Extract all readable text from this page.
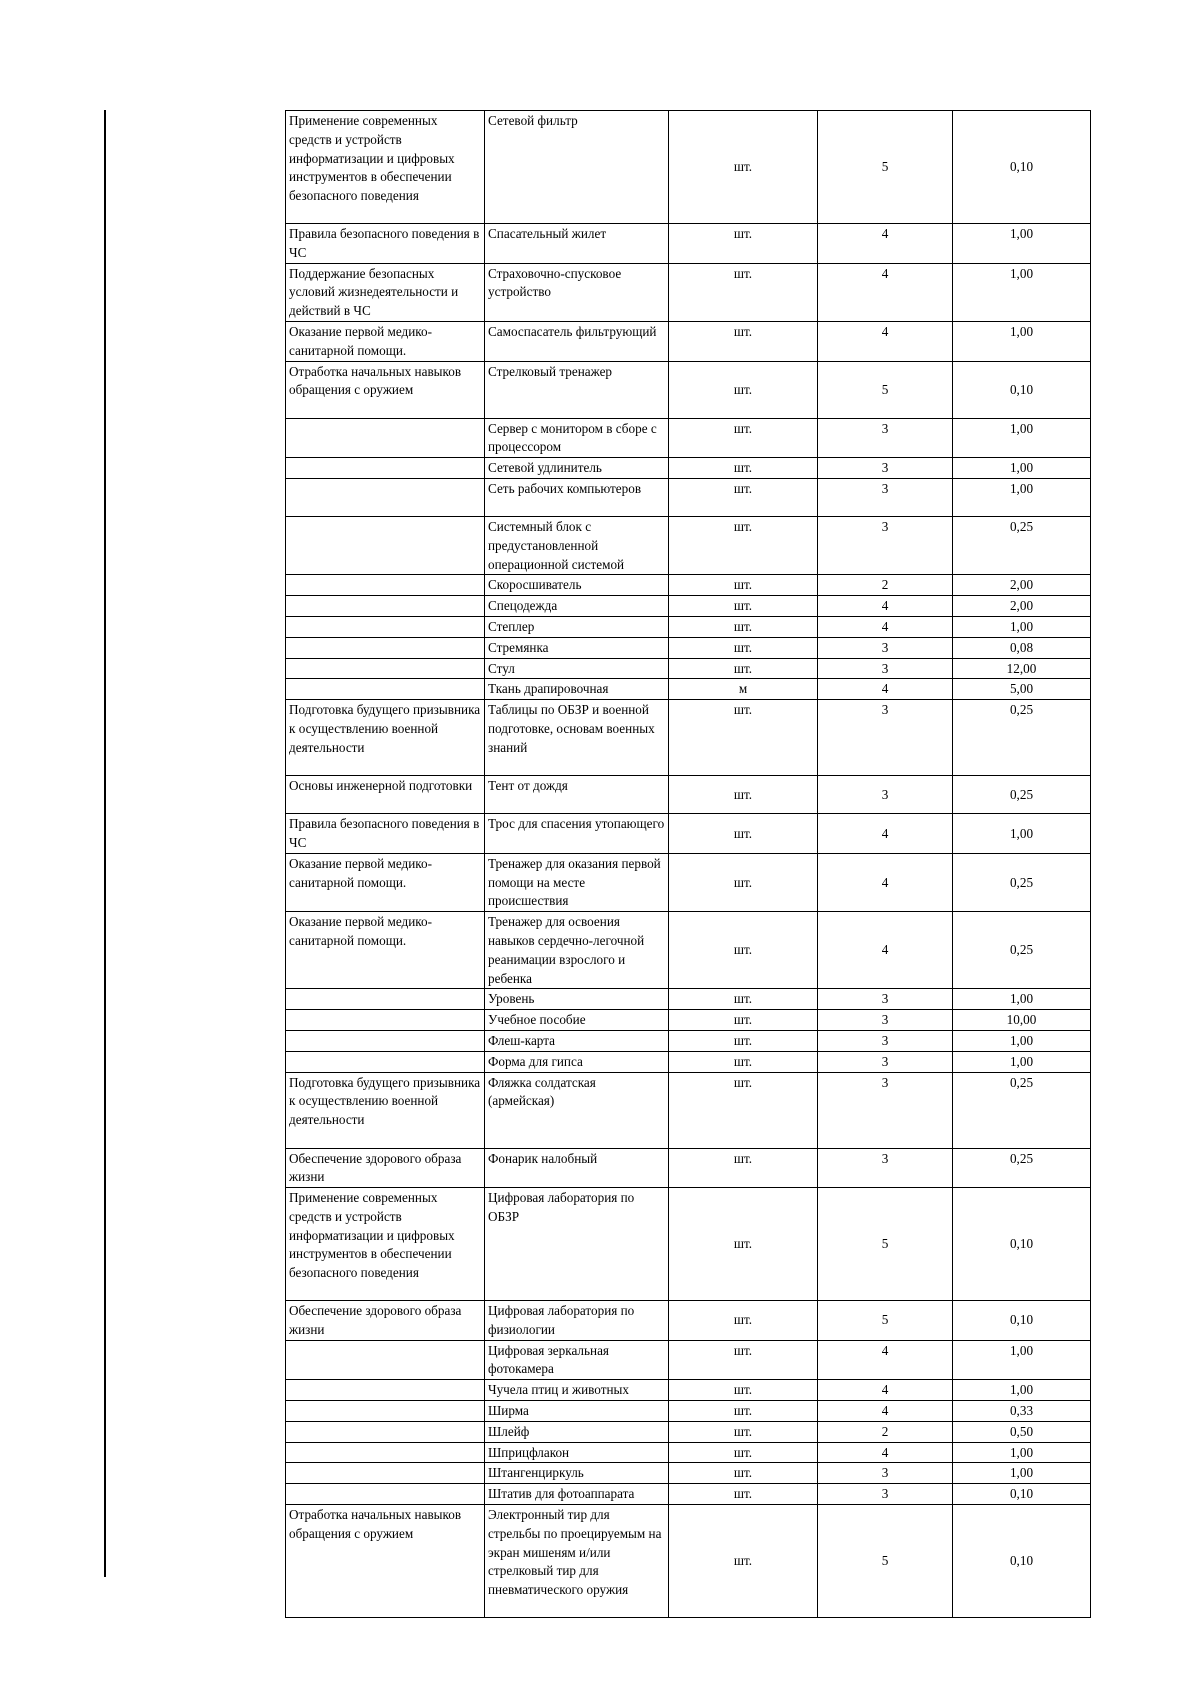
Применение современных средств и устройств информатизации и цифровых инструментов в обеспечении безопасного поведения	Сетевой фильтр	шт.	5	0,10
Правила безопасного поведения в ЧС	Спасательный жилет	шт.	4	1,00
Поддержание безопасных условий жизнедеятельности и действий в ЧС	Страховочно-спусковое устройство	шт.	4	1,00
Оказание первой медико-санитарной помощи.	Самоспасатель фильтрующий	шт.	4	1,00
Отработка начальных навыков обращения с оружием	Стрелковый тренажер	шт.	5	0,10
	Сервер с монитором в сборе с процессором	шт.	3	1,00
	Сетевой удлинитель	шт.	3	1,00
	Сеть рабочих компьютеров	шт.	3	1,00
	Системный блок с предустановленной операционной системой	шт.	3	0,25
	Скоросшиватель	шт.	2	2,00
	Спецодежда	шт.	4	2,00
	Степлер	шт.	4	1,00
	Стремянка	шт.	3	0,08
	Стул	шт.	3	12,00
	Ткань драпировочная	м	4	5,00
Подготовка будущего призывника к осуществлению военной деятельности	Таблицы по ОБЗР и военной подготовке, основам военных знаний	шт.	3	0,25
Основы инженерной подготовки	Тент от дождя	шт.	3	0,25
Правила безопасного поведения в ЧС	Трос для спасения утопающего	шт.	4	1,00
Оказание первой медико-санитарной помощи.	Тренажер для оказания первой помощи на месте происшествия	шт.	4	0,25
Оказание первой медико-санитарной помощи.	Тренажер для освоения навыков сердечно-легочной реанимации взрослого и ребенка	шт.	4	0,25
	Уровень	шт.	3	1,00
	Учебное пособие	шт.	3	10,00
	Флеш-карта	шт.	3	1,00
	Форма для гипса	шт.	3	1,00
Подготовка будущего призывника к осуществлению военной деятельности	Фляжка солдатская (армейская)	шт.	3	0,25
Обеспечение здорового образа жизни	Фонарик налобный	шт.	3	0,25
Применение современных средств и устройств информатизации и цифровых инструментов в обеспечении безопасного поведения	Цифровая лаборатория по ОБЗР	шт.	5	0,10
Обеспечение здорового образа жизни	Цифровая лаборатория по физиологии	шт.	5	0,10
	Цифровая зеркальная фотокамера	шт.	4	1,00
	Чучела птиц и животных	шт.	4	1,00
	Ширма	шт.	4	0,33
	Шлейф	шт.	2	0,50
	Шприцфлакон	шт.	4	1,00
	Штангенциркуль	шт.	3	1,00
	Штатив для фотоаппарата	шт.	3	0,10
Отработка начальных навыков обращения с оружием	Электронный тир для стрельбы по проецируемым на экран мишеням и/или стрелковый тир для пневматического оружия	шт.	5	0,10
